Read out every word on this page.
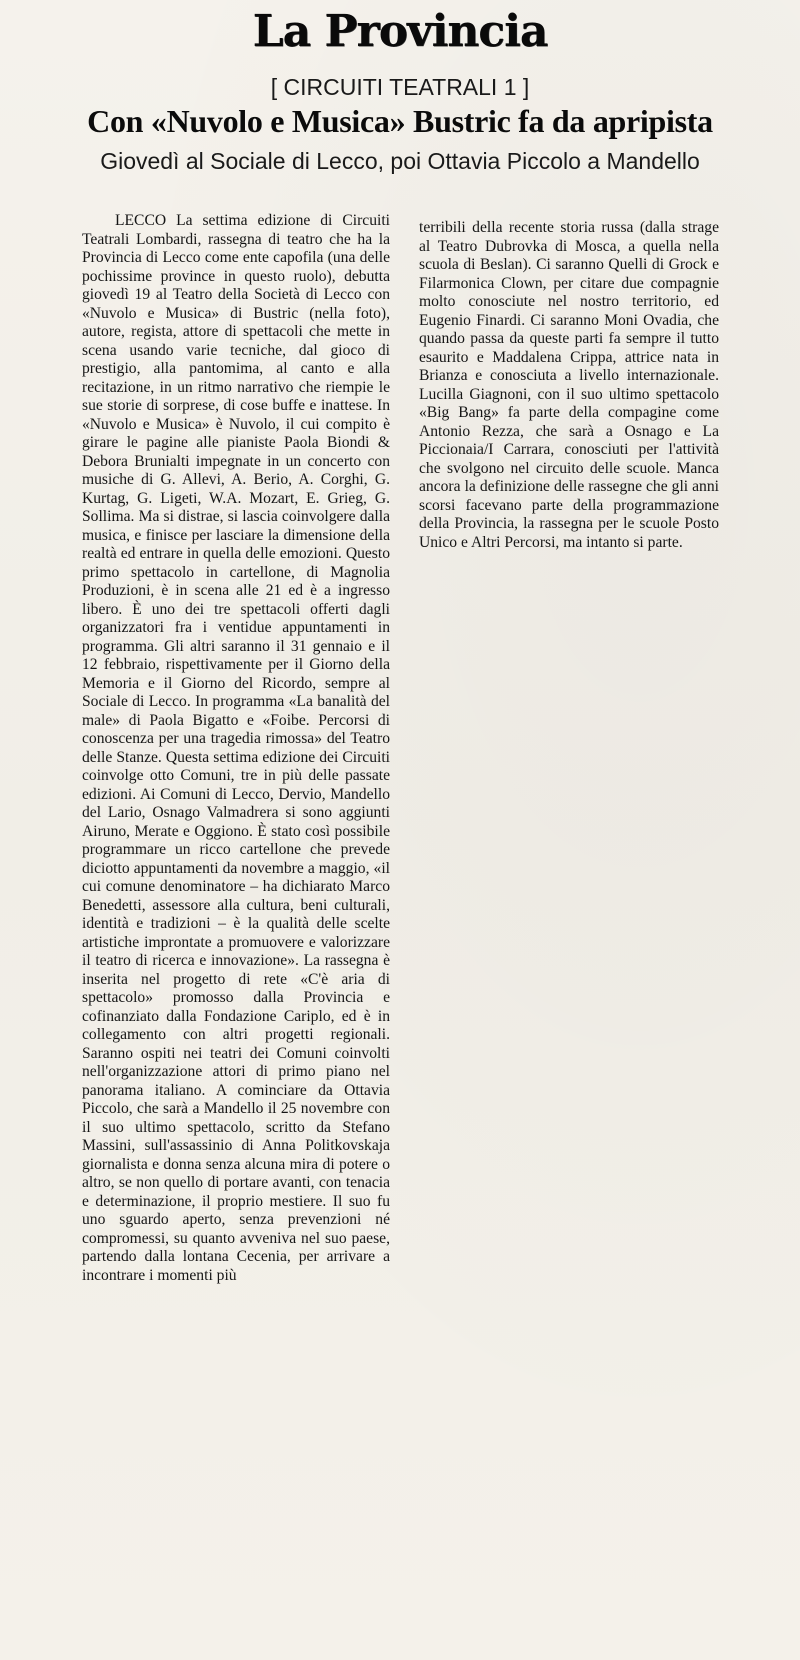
La Provincia
[ CIRCUITI TEATRALI 1 ]
Con «Nuvolo e Musica» Bustric fa da apripista
Giovedì al Sociale di Lecco, poi Ottavia Piccolo a Mandello

LECCO La settima edizione di Circuiti Teatrali Lombardi, rassegna di teatro che ha la Provincia di Lecco come ente capofila (una delle pochissime province in questo ruolo), debutta giovedì 19 al Teatro della Società di Lecco con «Nuvolo e Musica» di Bustric (nella foto), autore, regista, attore di spettacoli che mette in scena usando varie tecniche, dal gioco di prestigio, alla pantomima, al canto e alla recitazione, in un ritmo narrativo che riempie le sue storie di sorprese, di cose buffe e inattese. In «Nuvolo e Musica» è Nuvolo, il cui compito è girare le pagine alle pianiste Paola Biondi & Debora Brunialti impegnate in un concerto con musiche di G. Allevi, A. Berio, A. Corghi, G. Kurtag, G. Ligeti, W.A. Mozart, E. Grieg, G. Sollima. Ma si distrae, si lascia coinvolgere dalla musica, e finisce per lasciare la dimensione della realtà ed entrare in quella delle emozioni. Questo primo spettacolo in cartellone, di Magnolia Produzioni, è in scena alle 21 ed è a ingresso libero. È uno dei tre spettacoli offerti dagli organizzatori fra i ventidue appuntamenti in programma. Gli altri saranno il 31 gennaio e il 12 febbraio, rispettivamente per il Giorno della Memoria e il Giorno del Ricordo, sempre al Sociale di Lecco. In programma «La banalità del male» di Paola Bigatto e «Foibe. Percorsi di conoscenza per una tragedia rimossa» del Teatro delle Stanze. Questa settima edizione dei Circuiti coinvolge otto Comuni, tre in più delle passate edizioni. Ai Comuni di Lecco, Dervio, Mandello del Lario, Osnago Valmadrera si sono aggiunti Airuno, Merate e Oggiono. È stato così possibile programmare un ricco cartellone che prevede diciotto appuntamenti da novembre a maggio, «il cui comune denominatore – ha dichiarato Marco Benedetti, assessore alla cultura, beni culturali, identità e tradizioni – è la qualità delle scelte artistiche improntate a promuovere e valorizzare il teatro di ricerca e innovazione». La rassegna è inserita nel progetto di rete «C'è aria di spettacolo» promosso dalla Provincia e cofinanziato dalla Fondazione Cariplo, ed è in collegamento con altri progetti regionali. Saranno ospiti nei teatri dei Comuni coinvolti nell'organizzazione attori di primo piano nel panorama italiano. A cominciare da Ottavia Piccolo, che sarà a Mandello il 25 novembre con il suo ultimo spettacolo, scritto da Stefano Massini, sull'assassinio di Anna Politkovskaja giornalista e donna senza alcuna mira di potere o altro, se non quello di portare avanti, con tenacia e determinazione, il proprio mestiere. Il suo fu uno sguardo aperto, senza prevenzioni né compromessi, su quanto avveniva nel suo paese, partendo dalla lontana Cecenia, per arrivare a incontrare i momenti più

terribili della recente storia russa (dalla strage al Teatro Dubrovka di Mosca, a quella nella scuola di Beslan). Ci saranno Quelli di Grock e Filarmonica Clown, per citare due compagnie molto conosciute nel nostro territorio, ed Eugenio Finardi. Ci saranno Moni Ovadia, che quando passa da queste parti fa sempre il tutto esaurito e Maddalena Crippa, attrice nata in Brianza e conosciuta a livello internazionale. Lucilla Giagnoni, con il suo ultimo spettacolo «Big Bang» fa parte della compagine come Antonio Rezza, che sarà a Osnago e La Piccionaia/I Carrara, conosciuti per l'attività che svolgono nel circuito delle scuole. Manca ancora la definizione delle rassegne che gli anni scorsi facevano parte della programmazione della Provincia, la rassegna per le scuole Posto Unico e Altri Percorsi, ma intanto si parte.
